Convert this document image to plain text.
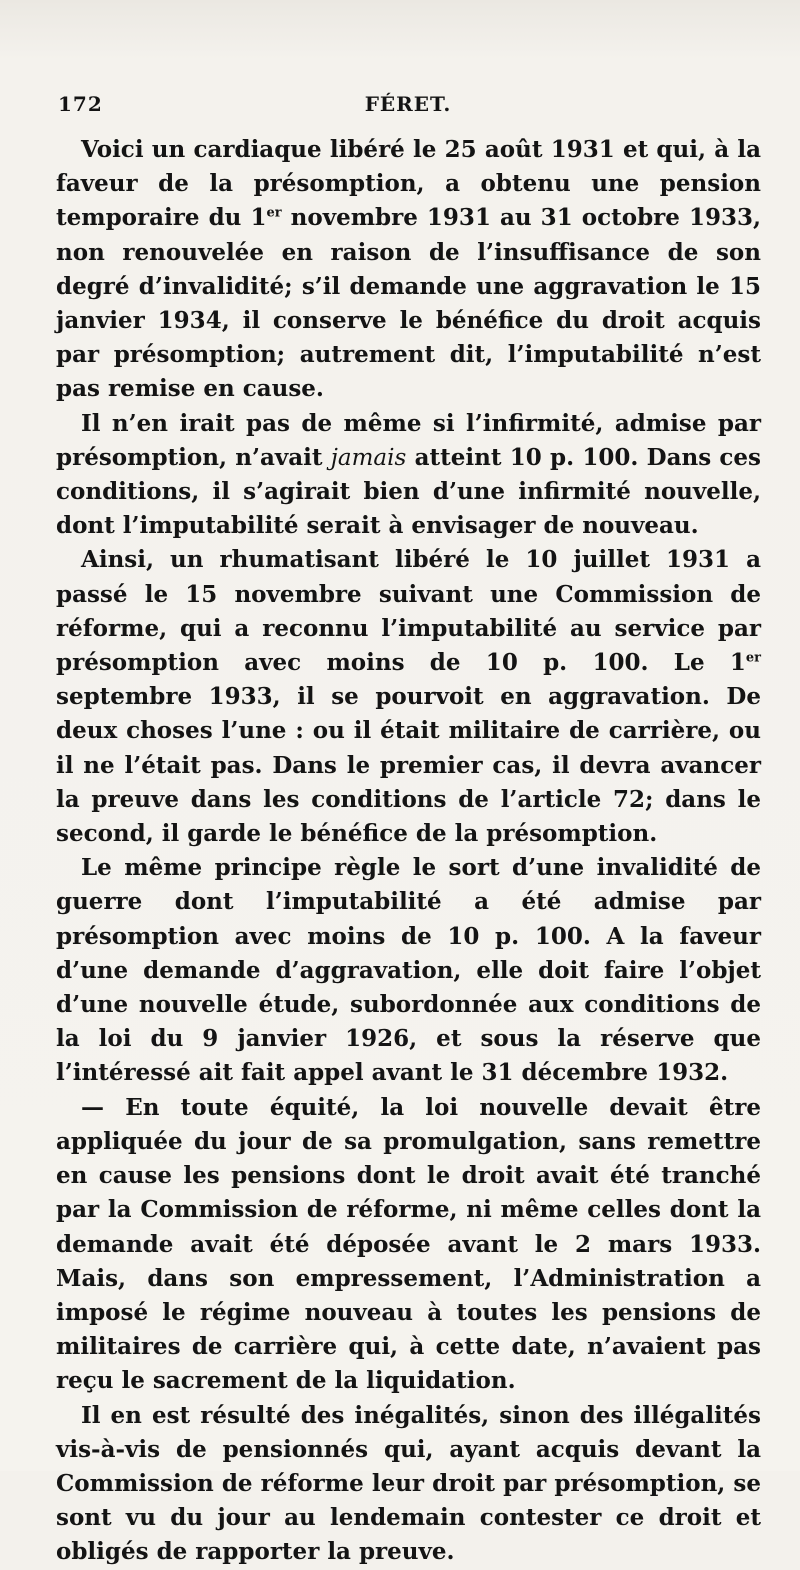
172	FÉRET.

Voici un cardiaque libéré le 25 août 1931 et qui, à la faveur de la présomption, a obtenu une pension temporaire du 1er novembre 1931 au 31 octobre 1933, non renouvelée en raison de l’insuffisance de son degré d’invalidité; s’il demande une aggravation le 15 janvier 1934, il conserve le bénéfice du droit acquis par présomption; autrement dit, l’imputabilité n’est pas remise en cause.

Il n’en irait pas de même si l’infirmité, admise par présomption, n’avait jamais atteint 10 p. 100. Dans ces conditions, il s’agirait bien d’une infirmité nouvelle, dont l’imputabilité serait à envisager de nouveau.

Ainsi, un rhumatisant libéré le 10 juillet 1931 a passé le 15 novembre suivant une Commission de réforme, qui a reconnu l’imputabilité au service par présomption avec moins de 10 p. 100. Le 1er septembre 1933, il se pourvoit en aggravation. De deux choses l’une : ou il était militaire de carrière, ou il ne l’était pas. Dans le premier cas, il devra avancer la preuve dans les conditions de l’article 72; dans le second, il garde le bénéfice de la présomption.

Le même principe règle le sort d’une invalidité de guerre dont l’imputabilité a été admise par présomption avec moins de 10 p. 100. A la faveur d’une demande d’aggravation, elle doit faire l’objet d’une nouvelle étude, subordonnée aux conditions de la loi du 9 janvier 1926, et sous la réserve que l’intéressé ait fait appel avant le 31 décembre 1932.

— En toute équité, la loi nouvelle devait être appliquée du jour de sa promulgation, sans remettre en cause les pensions dont le droit avait été tranché par la Commission de réforme, ni même celles dont la demande avait été déposée avant le 2 mars 1933. Mais, dans son empressement, l’Administration a imposé le régime nouveau à toutes les pensions de militaires de carrière qui, à cette date, n’avaient pas reçu le sacrement de la liquidation.

Il en est résulté des inégalités, sinon des illégalités vis-à-vis de pensionnés qui, ayant acquis devant la Commission de réforme leur droit par présomption, se sont vu du jour au lendemain contester ce droit et obligés de rapporter la preuve.
